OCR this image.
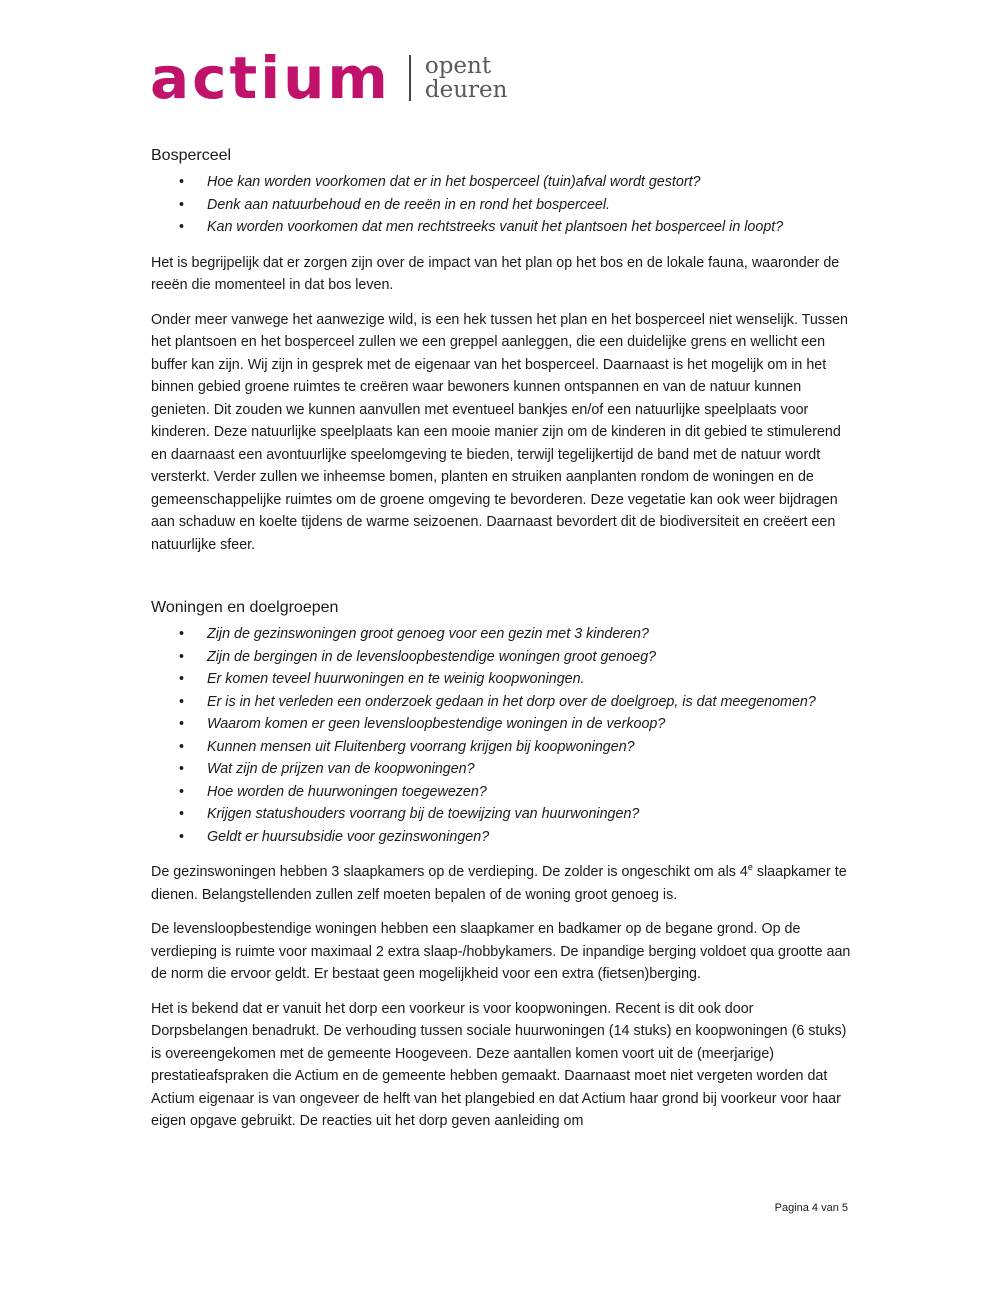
actium opent
deuren
Bosperceel
• Hoe kan worden voorkomen dat er in het bosperceel (tuin)afval wordt gestort?
• Denk aan natuurbehoud en de reeën in en rond het bosperceel.
• Kan worden voorkomen dat men rechtstreeks vanuit het plantsoen het bosperceel in loopt?

Het is begrijpelijk dat er zorgen zijn over de impact van het plan op het bos en de lokale fauna, waaronder de reeën die momenteel in dat bos leven.

Onder meer vanwege het aanwezige wild, is een hek tussen het plan en het bosperceel niet wenselijk. Tussen het plantsoen en het bosperceel zullen we een greppel aanleggen, die een duidelijke grens en wellicht een buffer kan zijn. Wij zijn in gesprek met de eigenaar van het bosperceel. Daarnaast is het mogelijk om in het binnen gebied groene ruimtes te creëren waar bewoners kunnen ontspannen en van de natuur kunnen genieten. Dit zouden we kunnen aanvullen met eventueel bankjes en/of een natuurlijke speelplaats voor kinderen. Deze natuurlijke speelplaats kan een mooie manier zijn om de kinderen in dit gebied te stimulerend en daarnaast een avontuurlijke speelomgeving te bieden, terwijl tegelijkertijd de band met de natuur wordt versterkt. Verder zullen we inheemse bomen, planten en struiken aanplanten rondom de woningen en de gemeenschappelijke ruimtes om de groene omgeving te bevorderen. Deze vegetatie kan ook weer bijdragen aan schaduw en koelte tijdens de warme seizoenen. Daarnaast bevordert dit de biodiversiteit en creëert een natuurlijke sfeer.

Woningen en doelgroepen
• Zijn de gezinswoningen groot genoeg voor een gezin met 3 kinderen?
• Zijn de bergingen in de levensloopbestendige woningen groot genoeg?
• Er komen teveel huurwoningen en te weinig koopwoningen.
• Er is in het verleden een onderzoek gedaan in het dorp over de doelgroep, is dat meegenomen?
• Waarom komen er geen levensloopbestendige woningen in de verkoop?
• Kunnen mensen uit Fluitenberg voorrang krijgen bij koopwoningen?
• Wat zijn de prijzen van de koopwoningen?
• Hoe worden de huurwoningen toegewezen?
• Krijgen statushouders voorrang bij de toewijzing van huurwoningen?
• Geldt er huursubsidie voor gezinswoningen?

De gezinswoningen hebben 3 slaapkamers op de verdieping. De zolder is ongeschikt om als 4e slaapkamer te dienen. Belangstellenden zullen zelf moeten bepalen of de woning groot genoeg is.

De levensloopbestendige woningen hebben een slaapkamer en badkamer op de begane grond. Op de verdieping is ruimte voor maximaal 2 extra slaap-/hobbykamers. De inpandige berging voldoet qua grootte aan de norm die ervoor geldt. Er bestaat geen mogelijkheid voor een extra (fietsen)berging.

Het is bekend dat er vanuit het dorp een voorkeur is voor koopwoningen. Recent is dit ook door Dorpsbelangen benadrukt. De verhouding tussen sociale huurwoningen (14 stuks) en koopwoningen (6 stuks) is overeengekomen met de gemeente Hoogeveen. Deze aantallen komen voort uit de (meerjarige) prestatieafspraken die Actium en de gemeente hebben gemaakt. Daarnaast moet niet vergeten worden dat Actium eigenaar is van ongeveer de helft van het plangebied en dat Actium haar grond bij voorkeur voor haar eigen opgave gebruikt. De reacties uit het dorp geven aanleiding om

Pagina 4 van 5
